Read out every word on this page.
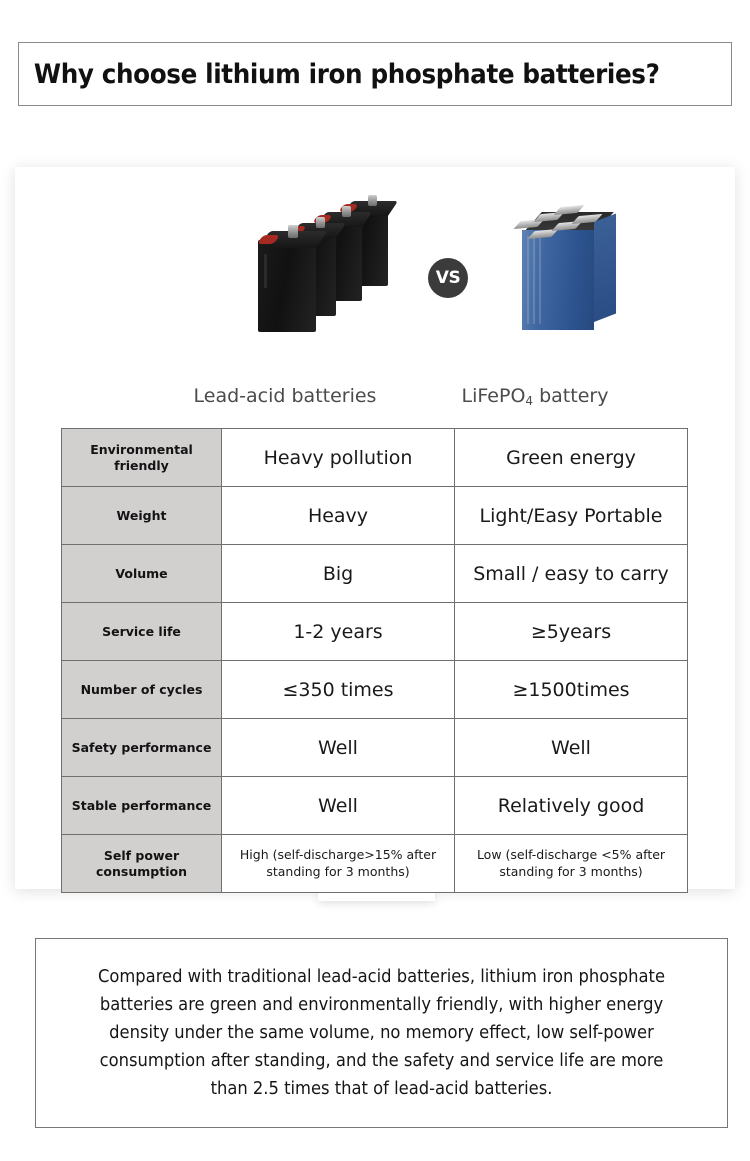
Why choose lithium iron phosphate batteries?
VS
Lead-acid batteries	LiFePO$_4$ battery
Environmental friendly	Heavy pollution	Green energy
Weight	Heavy	Light/Easy Portable
Volume	Big	Small / easy to carry
Service life	1-2 years	≥5years
Number of cycles	≤350 times	≥1500times
Safety performance	Well	Well
Stable performance	Well	Relatively good
Self power consumption	High (self-discharge>15% after standing for 3 months)	Low (self-discharge <5% after standing for 3 months)
Compared with traditional lead-acid batteries, lithium iron phosphate batteries are green and environmentally friendly, with higher energy density under the same volume, no memory effect, low self-power consumption after standing, and the safety and service life are more than 2.5 times that of lead-acid batteries.
